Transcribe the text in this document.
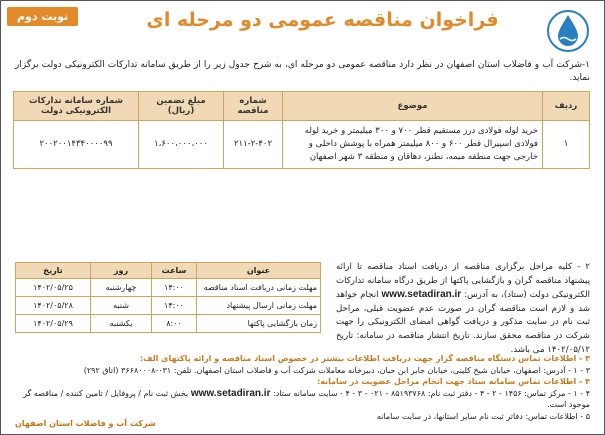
نوبت دوم	فراخوان مناقصه عمومی دو مرحله ای
۱-شرکت آب و فاضلاب استان اصفهان در نظر دارد مناقصه عمومی دو مرحله ای، به شرح جدول زیر را از طریق سامانه تدارکات الکترونیکی دولت برگزار نماید.
ردیف	موضوع	شماره مناقصه	مبلغ تضمین (ریال)	شماره سامانه تدارکات الکترونیکی دولت
۱	خرید لوله فولادی درز مستقیم قطر ۷۰۰ و ۳۰۰ میلیمتر و خرید لوله فولادی اسپیرال قطر ۶۰۰ و ۸۰۰ میلیمتر همراه با پوشش داخلی و خارجی جهت منطقه میمه، نطنز، دهاقان و منطقه ۳ شهر اصفهان	۲۱۱-۲-۴۰۲	۱،۶۰۰،۰۰۰،۰۰۰	۲۰۰۲۰۰۱۴۳۴۰۰۰۰۹۹
۲ - کلیه مراحل برگزاری مناقصه از دریافت اسناد مناقصه تا ارائه پیشنهاد مناقصه گران و بازگشایی پاکتها از طریق درگاه سامانه تدارکات الکترونیکی دولت (ستاد)، به آدرس: www.setadiran.ir انجام خواهد شد و لازم است مناقصه گران در صورت عدم عضویت قبلی، مراحل ثبت نام در سایت مذکور و دریافت گواهی امضای الکترونیکی را جهت شرکت در مناقصه محقق سازند. تاریخ انتشار مناقصه در سامانه: تاریخ ۱۴۰۲/۰۵/۱۲ می باشد.
عنوان	ساعت	روز	تاریخ
مهلت زمانی دریافت اسناد مناقصه	۱۴:۰۰	چهارشنبه	۱۴۰۲/۰۵/۲۵
مهلت زمانی ارسال پیشنهاد	۱۴:۰۰	شنبه	۱۴۰۲/۰۵/۲۸
زمان بازگشایی پاکتها	۸:۰۰	یکشنبه	۱۴۰۲/۰۵/۲۹
۳ - اطلاعات تماس دستگاه مناقصه گزار جهت دریافت اطلاعات بیشتر در خصوص اسناد مناقصه و ارائه پاکتهای الف:
۳ - ۱ - آدرس: اصفهان، خیابان شیخ کلینی، خیابان جابر ابن حیان، دبیرخانه معاملات شرکت آب و فاضلاب استان اصفهان. تلفن: ۰۳۱-۳۶۶۸۰۰۰۸ (اتاق ۲۹۲)
۴ - اطلاعات تماس سامانه ستاد جهت انجام مراحل عضویت در سامانه:
۴ - ۱ - مرکز تماس: ۱۴۵۶ - ۲ - ۴ - دفتر ثبت نام: ۸۵۱۹۳۷۶۸ - ۰۲۱ - ۳ - ۴ - سایت سامانه ستاد: www.setadiran.ir بخش ثبت نام / پروفایل / تامین کننده / مناقصه گر موجود است.
۵ - اطلاعات تماس: دفاتر ثبت نام سایر استانها، در سایت سامانه
شرکت آب و فاضلاب استان اصفهان
